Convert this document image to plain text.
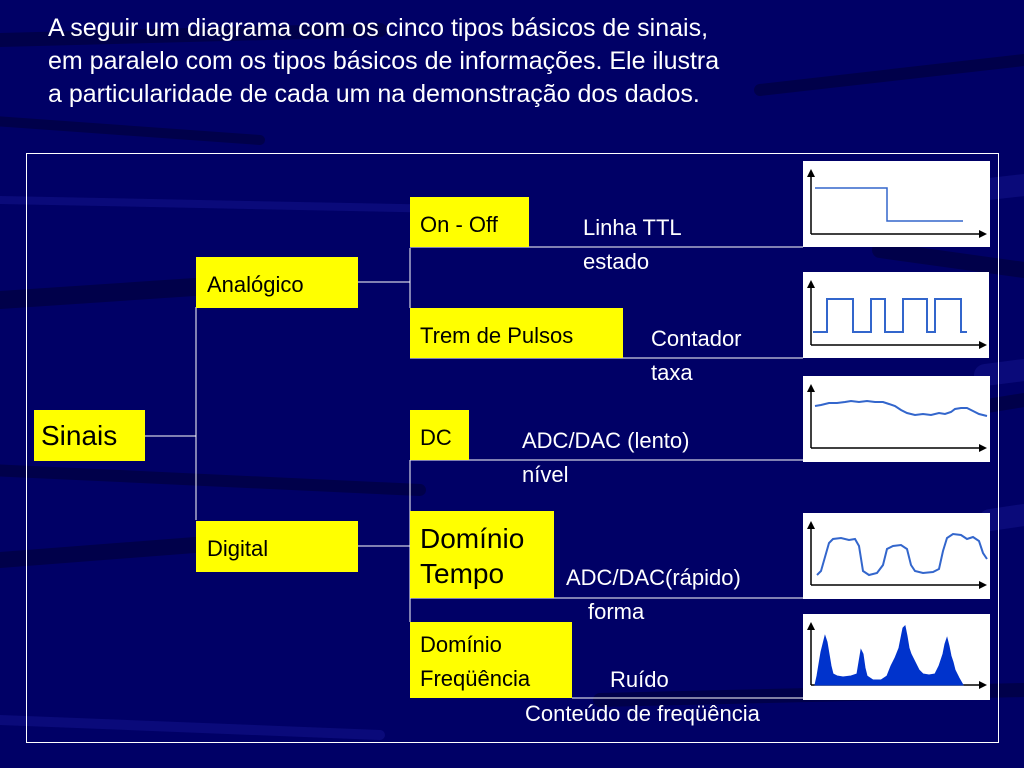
A seguir um diagrama com os cinco tipos básicos de sinais,
em paralelo com os tipos básicos de informações. Ele ilustra
a particularidade de cada um na demonstração dos dados.
Sinais
Analógico
Digital
On - Off
Trem de Pulsos
DC
Domínio
Tempo
Domínio
Freqüência
Linha TTL
estado
Contador
taxa
ADC/DAC (lento)
nível
ADC/DAC(rápido)
forma
Ruído
Conteúdo de freqüência
